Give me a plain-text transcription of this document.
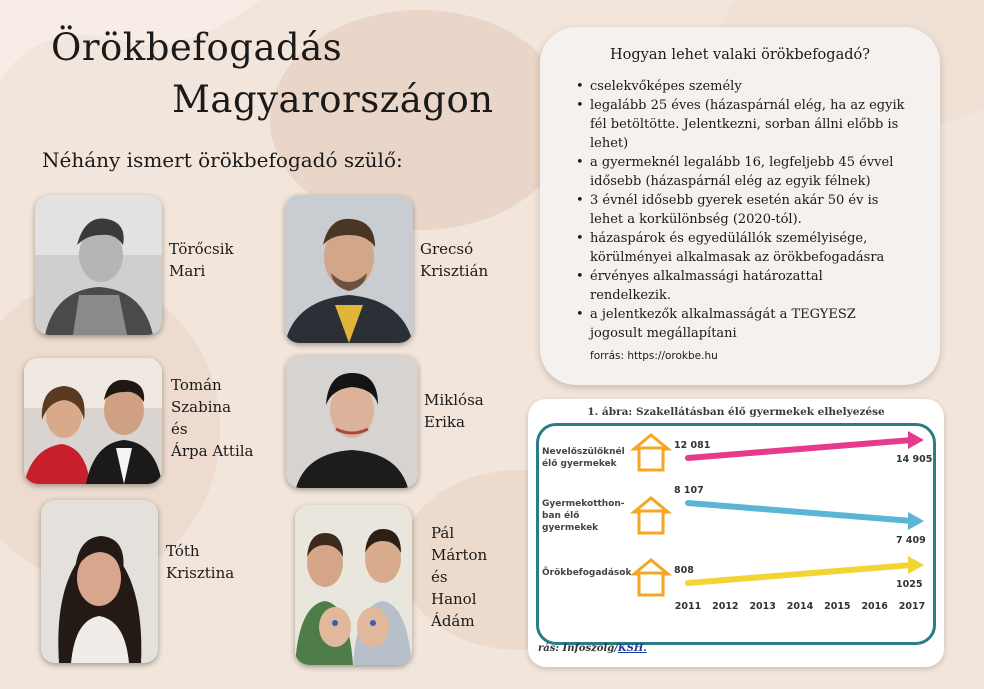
Örökbefogadás
Magyarországon
Néhány ismert örökbefogadó szülő:
Törőcsik
Mari
Grecsó
Krisztián
Tomán
Szabina
és
Árpa Attila
Miklósa
Erika
Tóth
Krisztina
Pál
Márton
és
Hanol
Ádám
Hogyan lehet valaki örökbefogadó?
• cselekvőképes személy
• legalább 25 éves (házaspárnál elég, ha az egyik fél betöltötte. Jelentkezni, sorban állni előbb is lehet)
• a gyermeknél legalább 16, legfeljebb 45 évvel idősebb (házaspárnál elég az egyik félnek)
• 3 évnél idősebb gyerek esetén akár 50 év is lehet a korkülönbség (2020-tól).
• házaspárok és egyedülállók személyisége, körülményei alkalmasak az örökbefogadásra
• érvényes alkalmassági határozattal rendelkezik.
• a jelentkezők alkalmasságát a TEGYESZ jogosult megállapítani
forrás: https://orokbe.hu
1. ábra: Szakellátásban élő gyermekek elhelyezése
Nevelőszülőknél
élő gyermekek
12 081
14 905
Gyermekotthon-
ban élő
gyermekek
8 107
7 409
Örökbefogadások	808
1025
2011 2012 2013 2014 2015 2016 2017
rás: Infoszolg/KSH.
